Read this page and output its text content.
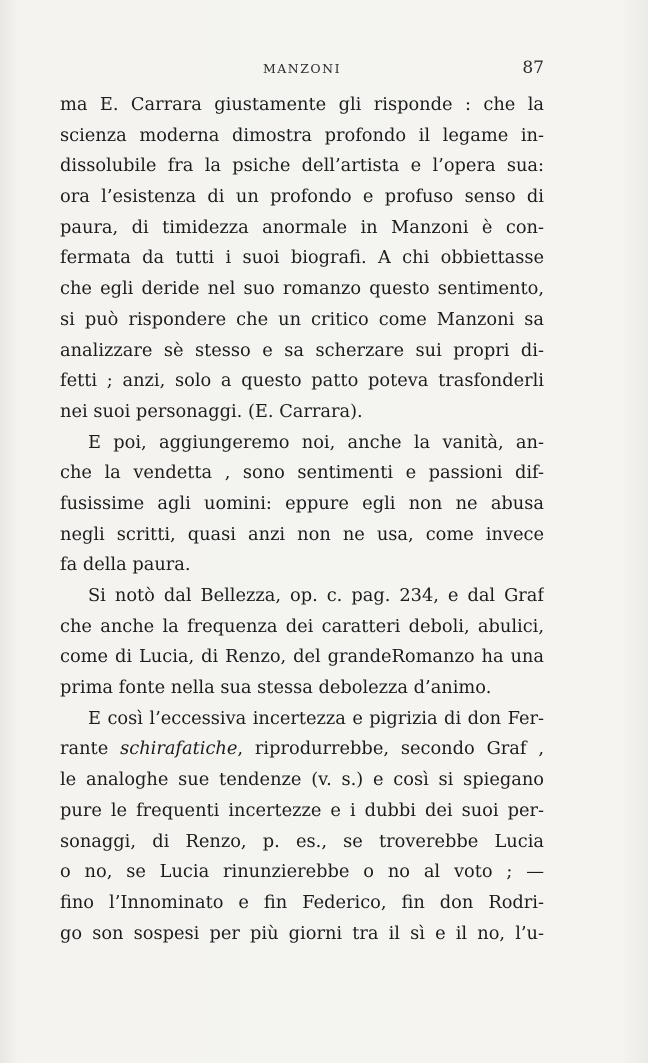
MANZONI	87
ma E. Carrara giustamente gli risponde : che la
scienza moderna dimostra profondo il legame in-
dissolubile fra la psiche dell’artista e l’opera sua:
ora l’esistenza di un profondo e profuso senso di
paura, di timidezza anormale in Manzoni è con-
fermata da tutti i suoi biografi. A chi obbiettasse
che egli deride nel suo romanzo questo sentimento,
si può rispondere che un critico come Manzoni sa
analizzare sè stesso e sa scherzare sui propri di-
fetti ; anzi, solo a questo patto poteva trasfonderli
nei suoi personaggi. (E. Carrara).
E poi, aggiungeremo noi, anche la vanità, an-
che la vendetta , sono sentimenti e passioni dif-
fusissime agli uomini: eppure egli non ne abusa
negli scritti, quasi anzi non ne usa, come invece
fa della paura.
Si notò dal Bellezza, op. c. pag. 234, e dal Graf
che anche la frequenza dei caratteri deboli, abulici,
come di Lucia, di Renzo, del grandeRomanzo ha una
prima fonte nella sua stessa debolezza d’animo.
E così l’eccessiva incertezza e pigrizia di don Fer-
rante schirafatiche, riprodurrebbe, secondo Graf ,
le analoghe sue tendenze (v. s.) e così si spiegano
pure le frequenti incertezze e i dubbi dei suoi per-
sonaggi, di Renzo, p. es., se troverebbe Lucia
o no, se Lucia rinunzierebbe o no al voto ; —
fino l’Innominato e fin Federico, fin don Rodri-
go son sospesi per più giorni tra il sì e il no, l’u-
